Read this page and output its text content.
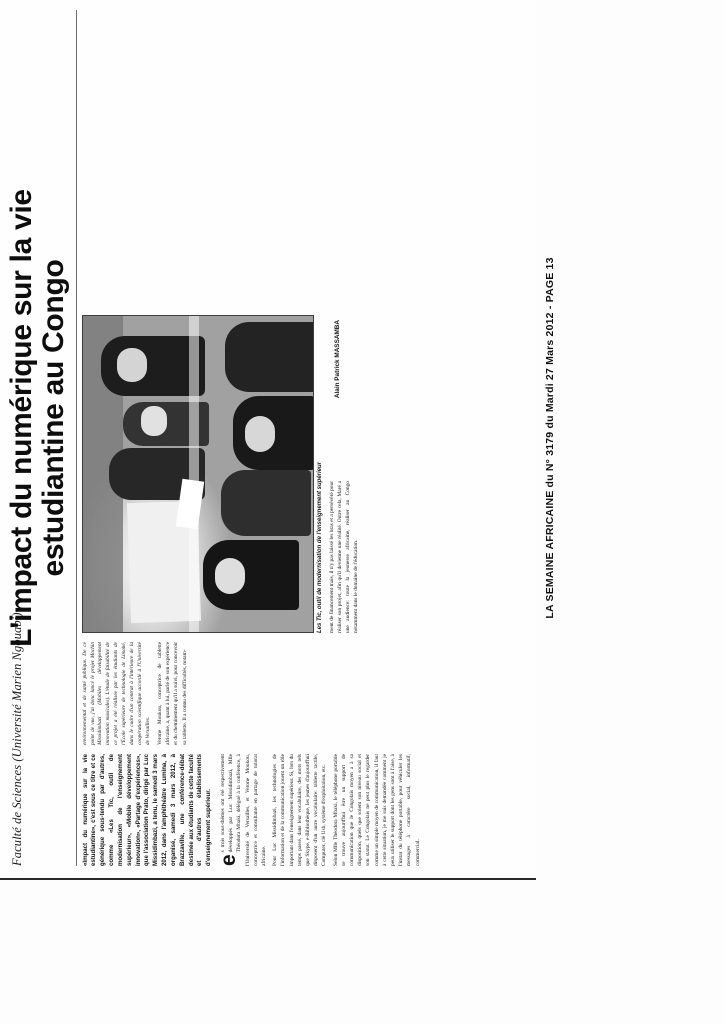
Faculté de Sciences (Université Marien Ngouabi)
L'impact du numérique sur la vie estudiantine au Congo
«Impact du numérique sur la vie estudiantine», c'est sous ce titre et ce générique sous-tendu par d'autres, comme «Les Tic, outil de modernisation de l'enseignement supérieur», «Mobile développement innovation», «Partage d'expériences», que l'association Prato, dirigé par Luc Missidimbazi, a tenu, le samedi 3 mars 2012, dans l'amphithéâtre Lumina, à organisé, samedi 3 mars 2012, à Brazzaville, une conférence-débat destinée aux étudiants de cette faculté et d'autres établissements d'enseignement supérieur. es trois sous-thèmes ont été respectivement développés par Luc Missidimbazi, Mlle Théodora Mbaki, délégué à la conférence, à l'Université de Versailles, et Verone Moukou, conceptrice et consultante en partage de tutorat africaine. Pour Luc Missidimbazi, les technologies de l'information et de la communication jouent un rôle important dans l'enseignement supérieur. Si, lors du temps passé, dans leur vocabulaire, des mots tels que Skype, e-Bibliothèque, les jeunes d'aujourd'hui disposent d'un autre vocabulaire: tablette tactile, Computer, clé Usb, système d'exploitation, etc. Selon Mlle Théodora Mbaki, le téléphone portable se trouve aujourd'hui être un support de communication que le Congolais moyen a à sa disposition, quels que soient son niveau social et son statut. Le Congolais ne peut plus le regarder comme un simple moyen de communication, il faut à cette situation, je me suis demandée comment je peux utiliser le support dont les gens sont à l'aise, à l'instar du téléphone portable, pour véhiculer les messages à caractère social, informatif, commercial.

environnemental et de santé publique. De ce point de vue, j'ai donc lancé le projet Mochin Missidimbazi (Mobiles développement innovation musicales). L'étude de faisabilité de ce projet a été réalisée par les étudiants de l'École supérieure de technologie de Limoké, dans le cadre d'un contrat à l'intérieure de la coopération scientifique accordé à l'Université de Versailles.	Verone Moukou, conceptrice de tablette africaine, a, quant à lui, parlé de son expérience et du cheminement qu'il a suivi, pour concevoir sa tablette. Il a connu des difficultés, notam-

Les Tic, outil de modernisation de l'enseignement supérieur ment de financement mais, il n'y pas laissé les bras et a persévéré pour réaliser son projet, afin qu'il devienne une réalité. Outre cela, Maré a une audience: toute la jeunesse africaine, réaliser au Congo notamment dans le domaine de l'éducation.

Alain Patrick MASSAMBA	LA SEMAINE AFRICAINE du N° 3179 du Mardi 27 Mars 2012 - PAGE 13
